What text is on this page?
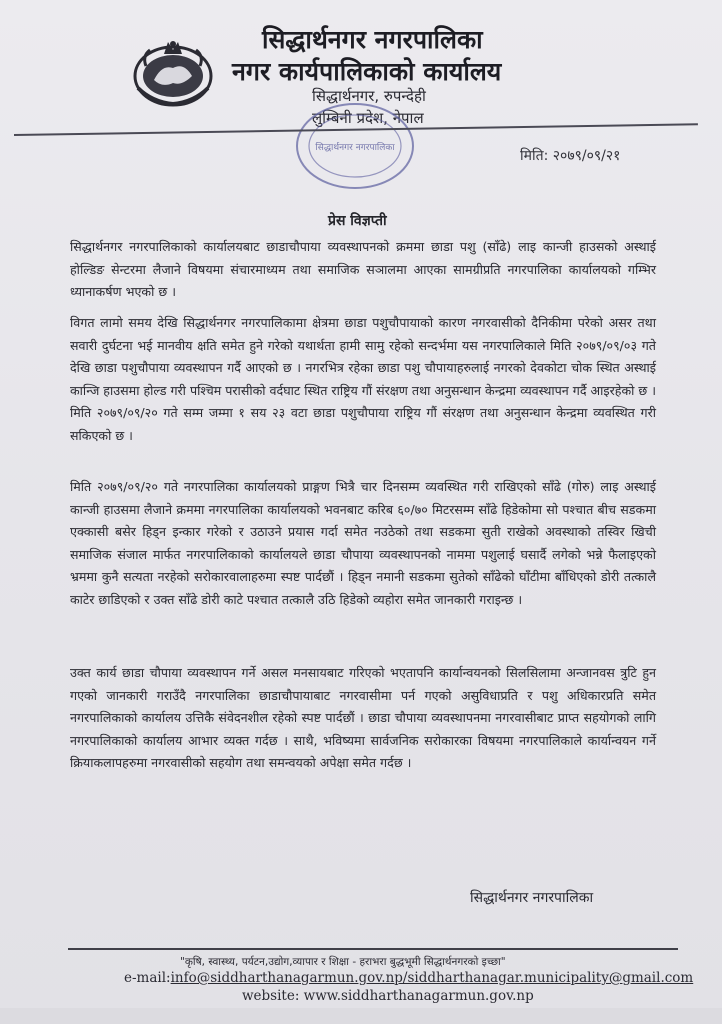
सिद्धार्थनगर नगरपालिका
नगर कार्यपालिकाको कार्यालय
सिद्धार्थनगर, रुपन्देही
लुम्बिनी प्रदेश, नेपाल
सिद्धार्थनगर नगरपालिका	मिति: २०७९/०९/२१
प्रेस विज्ञप्ती
सिद्धार्थनगर नगरपालिकाको कार्यालयबाट छाडाचौपाया व्यवस्थापनको क्रममा छाडा पशु (साँढे) लाइ कान्जी हाउसको अस्थाई होल्डिङ सेन्टरमा लैजाने विषयमा संचारमाध्यम तथा समाजिक सञालमा आएका सामग्रीप्रति नगरपालिका कार्यालयको गम्भिर ध्यानाकर्षण भएको छ ।
विगत लामो समय देखि सिद्धार्थनगर नगरपालिकामा क्षेत्रमा छाडा पशुचौपायाको कारण नगरवासीको दैनिकीमा परेको असर तथा सवारी दुर्घटना भई मानवीय क्षति समेत हुने गरेको यथार्थता हामी सामु रहेको सन्दर्भमा यस नगरपालिकाले मिति २०७९/०९/०३ गते देखि छाडा पशुचौपाया व्यवस्थापन गर्दै आएको छ । नगरभित्र रहेका छाडा पशु चौपायाहरुलाई नगरको देवकोटा चोक स्थित अस्थाई कान्जि हाउसमा होल्ड गरी पश्चिम परासीको वर्दघाट स्थित राष्ट्रिय गौं संरक्षण तथा अनुसन्धान केन्द्रमा व्यवस्थापन गर्दै आइरहेको छ । मिति २०७९/०९/२० गते सम्म जम्मा १ सय २३ वटा छाडा पशुचौपाया राष्ट्रिय गौं संरक्षण तथा अनुसन्धान केन्द्रमा व्यवस्थित गरी सकिएको छ ।
मिति २०७९/०९/२० गते नगरपालिका कार्यालयको प्राङ्गण भित्रै चार दिनसम्म व्यवस्थित गरी राखिएको साँढे (गोरु) लाइ अस्थाई कान्जी हाउसमा लैजाने क्रममा नगरपालिका कार्यालयको भवनबाट करिब ६०/७० मिटरसम्म साँढे हिडेकोमा सो पश्चात बीच सडकमा एक्कासी बसेर हिड्न इन्कार गरेको र उठाउने प्रयास गर्दा समेत नउठेको तथा सडकमा सुती राखेको अवस्थाको तस्विर खिची समाजिक संजाल मार्फत नगरपालिकाको कार्यालयले छाडा चौपाया व्यवस्थापनको नाममा पशुलाई घसार्दै लगेको भन्ने फैलाइएको भ्रममा कुनै सत्यता नरहेको सरोकारवालाहरुमा स्पष्ट पार्दछौं । हिड्न नमानी सडकमा सुतेको साँढेको घाँटीमा बाँधिएको डोरी तत्कालै काटेर छाडिएको र उक्त साँढे डोरी काटे पश्चात तत्कालै उठि हिडेको व्यहोरा समेत जानकारी गराइन्छ ।
उक्त कार्य छाडा चौपाया व्यवस्थापन गर्ने असल मनसायबाट गरिएको भएतापनि कार्यान्वयनको सिलसिलामा अन्जानवस त्रुटि हुन गएको जानकारी गराउँदै नगरपालिका छाडाचौपायाबाट नगरवासीमा पर्न गएको असुविधाप्रति र पशु अधिकारप्रति समेत नगरपालिकाको कार्यालय उत्तिकै संवेदनशील रहेको स्पष्ट पार्दछौं । छाडा चौपाया व्यवस्थापनमा नगरवासीबाट प्राप्त सहयोगको लागि नगरपालिकाको कार्यालय आभार व्यक्त गर्दछ । साथै, भविष्यमा सार्वजनिक सरोकारका विषयमा नगरपालिकाले कार्यान्वयन गर्ने क्रियाकलापहरुमा नगरवासीको सहयोग तथा समन्वयको अपेक्षा समेत गर्दछ ।
सिद्धार्थनगर नगरपालिका
"कृषि, स्वास्थ्य, पर्यटन,उद्योग,व्यापार र शिक्षा - हराभरा बुद्धभूमी सिद्धार्थनगरको इच्छा"
e-mail:info@siddharthanagarmun.gov.np/siddharthanagar.municipality@gmail.com
website: www.siddharthanagarmun.gov.np
